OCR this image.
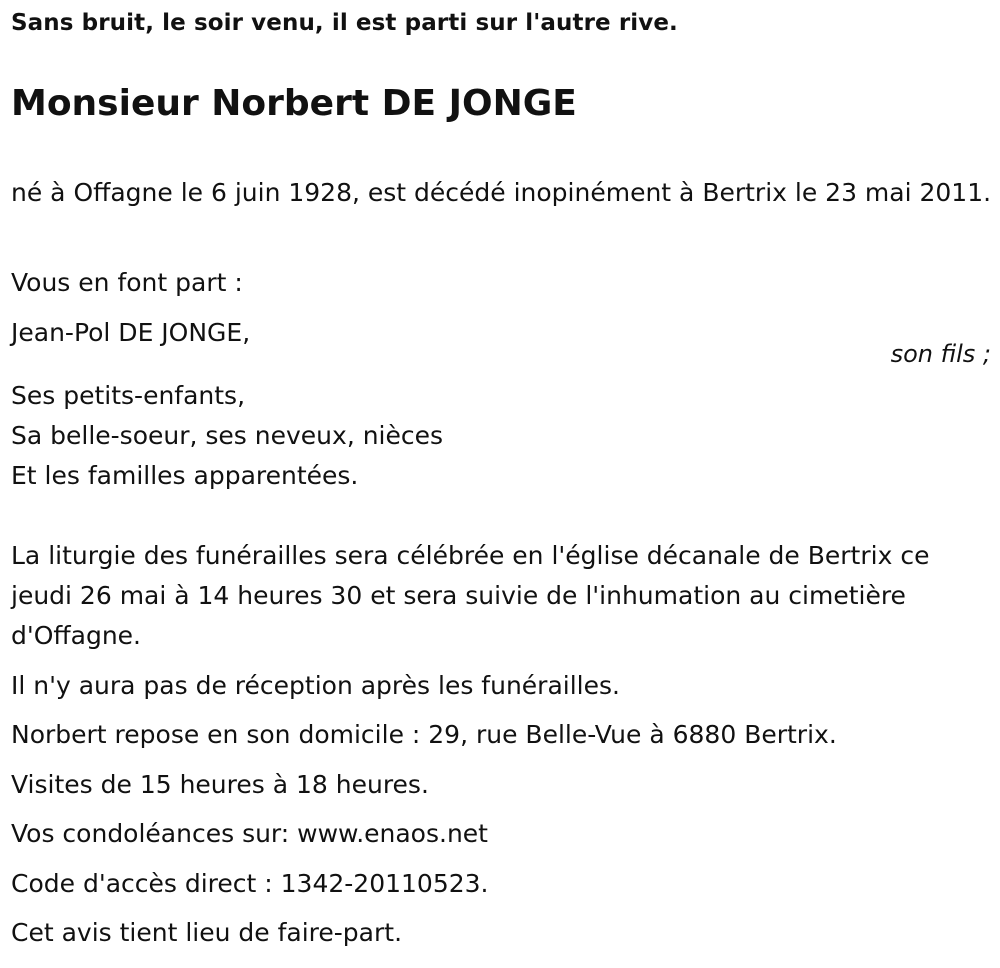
Sans bruit, le soir venu, il est parti sur l'autre rive.
Monsieur Norbert DE JONGE

né à Offagne le 6 juin 1928, est décédé inopinément à Bertrix le 23 mai 2011.

Vous en font part :

Jean-Pol DE JONGE,

son fils ;

Ses petits-enfants,
Sa belle-soeur, ses neveux, nièces
Et les familles apparentées.

La liturgie des funérailles sera célébrée en l'église décanale de Bertrix ce jeudi 26 mai à 14 heures 30 et sera suivie de l'inhumation au cimetière d'Offagne.

Il n'y aura pas de réception après les funérailles.

Norbert repose en son domicile : 29, rue Belle-Vue à 6880 Bertrix.

Visites de 15 heures à 18 heures.

Vos condoléances sur: www.enaos.net

Code d'accès direct : 1342-20110523.

Cet avis tient lieu de faire-part.
